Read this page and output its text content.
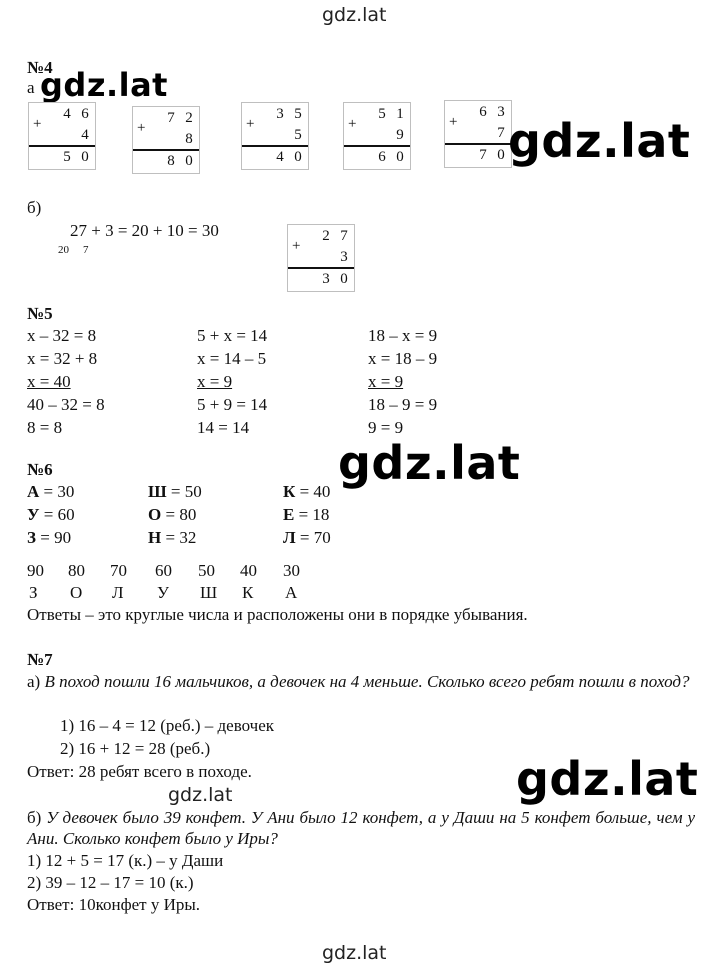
gdz.lat
gdz.lat
gdz.lat
№4
а gdz.lat
+
4 6
4
5 0
+
7 2
8
8 0
+
3 5
5
4 0
+
5 1
9
6 0
+
6 3
7
7 0
+
2 7
3
3 0
gdz.lat
б)
27 + 3 = 20 + 10 = 30
20 7
№5
x – 32 = 8
x = 32 + 8
x = 40
40 – 32 = 8
8 = 8
5 + x = 14
x = 14 – 5
x = 9
5 + 9 = 14
14 = 14
18 – x = 9
x = 18 – 9
x = 9
18 – 9 = 9
9 = 9
gdz.lat
№6
А = 30
У = 60
З = 90
Ш = 50
О = 80
Н = 32
К = 40
Е = 18
Л = 70
90
З
80
О
70
Л
60
У
50
Ш
40
К
30
А
Ответы – это круглые числа и расположены они в порядке убывания.
№7
а) В поход пошли 16 мальчиков, а девочек на 4 меньше. Сколько всего ребят пошли в поход?
1) 16 – 4 = 12 (реб.) – девочек
2) 16 + 12 = 28 (реб.)
Ответ: 28 ребят всего в походе.	gdz.lat
б) У девочек было 39 конфет. У Ани было 12 конфет, а у Даши на 5 конфет больше, чем у Ани. Сколько конфет было у Иры?
1) 12 + 5 = 17 (к.) – у Даши
2) 39 – 12 – 17 = 10 (к.)
Ответ: 10конфет у Иры.
